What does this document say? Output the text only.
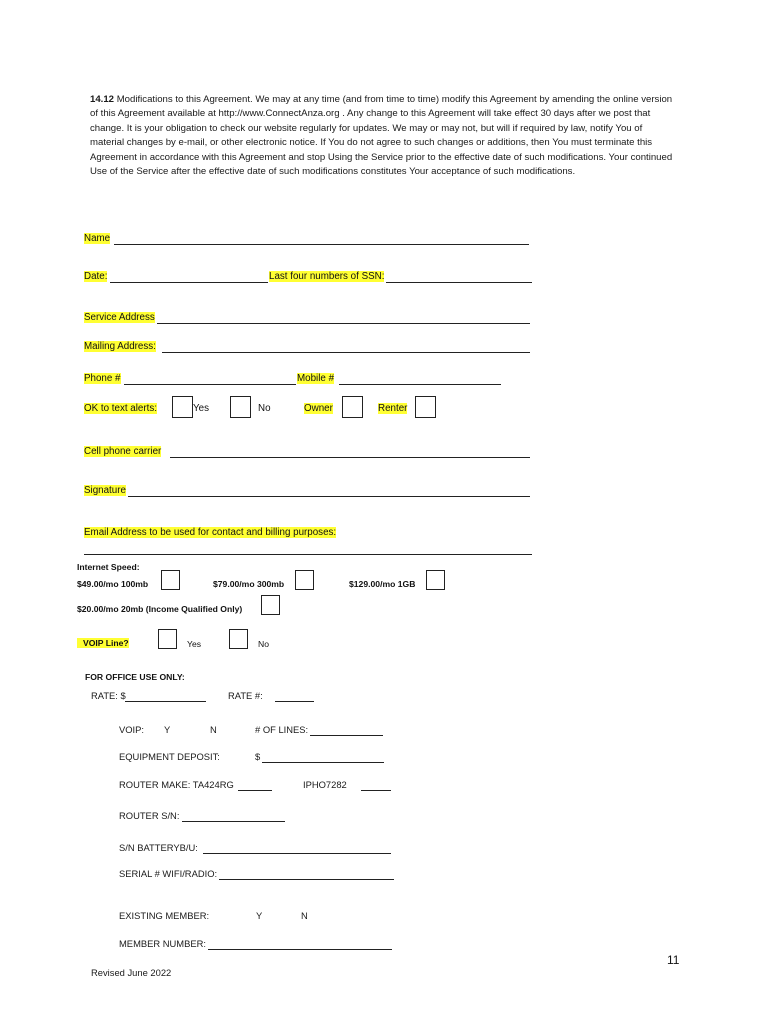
14.12 Modifications to this Agreement. We may at any time (and from time to time) modify this Agreement by amending the online version of this Agreement available at http://www.ConnectAnza.org . Any change to this Agreement will take effect 30 days after we post that change. It is your obligation to check our website regularly for updates. We may or may not, but will if required by law, notify You of material changes by e-mail, or other electronic notice. If You do not agree to such changes or additions, then You must terminate this Agreement in accordance with this Agreement and stop Using the Service prior to the effective date of such modifications. Your continued Use of the Service after the effective date of such modifications constitutes Your acceptance of such modifications.
Name
Date:	Last four numbers of SSN:
Service Address
Mailing Address:
Phone #	Mobile #
OK to text alerts:	Yes	No	Owner	Renter
Cell phone carrier
Signature
Email Address to be used for contact and billing purposes:
Internet Speed:
$49.00/mo 100mb	$79.00/mo 300mb	$129.00/mo 1GB
$20.00/mo 20mb (Income Qualified Only)
VOIP Line?	Yes	No
FOR OFFICE USE ONLY:
RATE: $	RATE #:
VOIP: Y	N	# OF LINES:
EQUIPMENT DEPOSIT:	$
ROUTER MAKE: TA424RG	IPHO7282
ROUTER S/N:
S/N BATTERYB/U:
SERIAL # WIFI/RADIO:
EXISTING MEMBER:	Y	N
MEMBER NUMBER:
11
Revised June 2022
